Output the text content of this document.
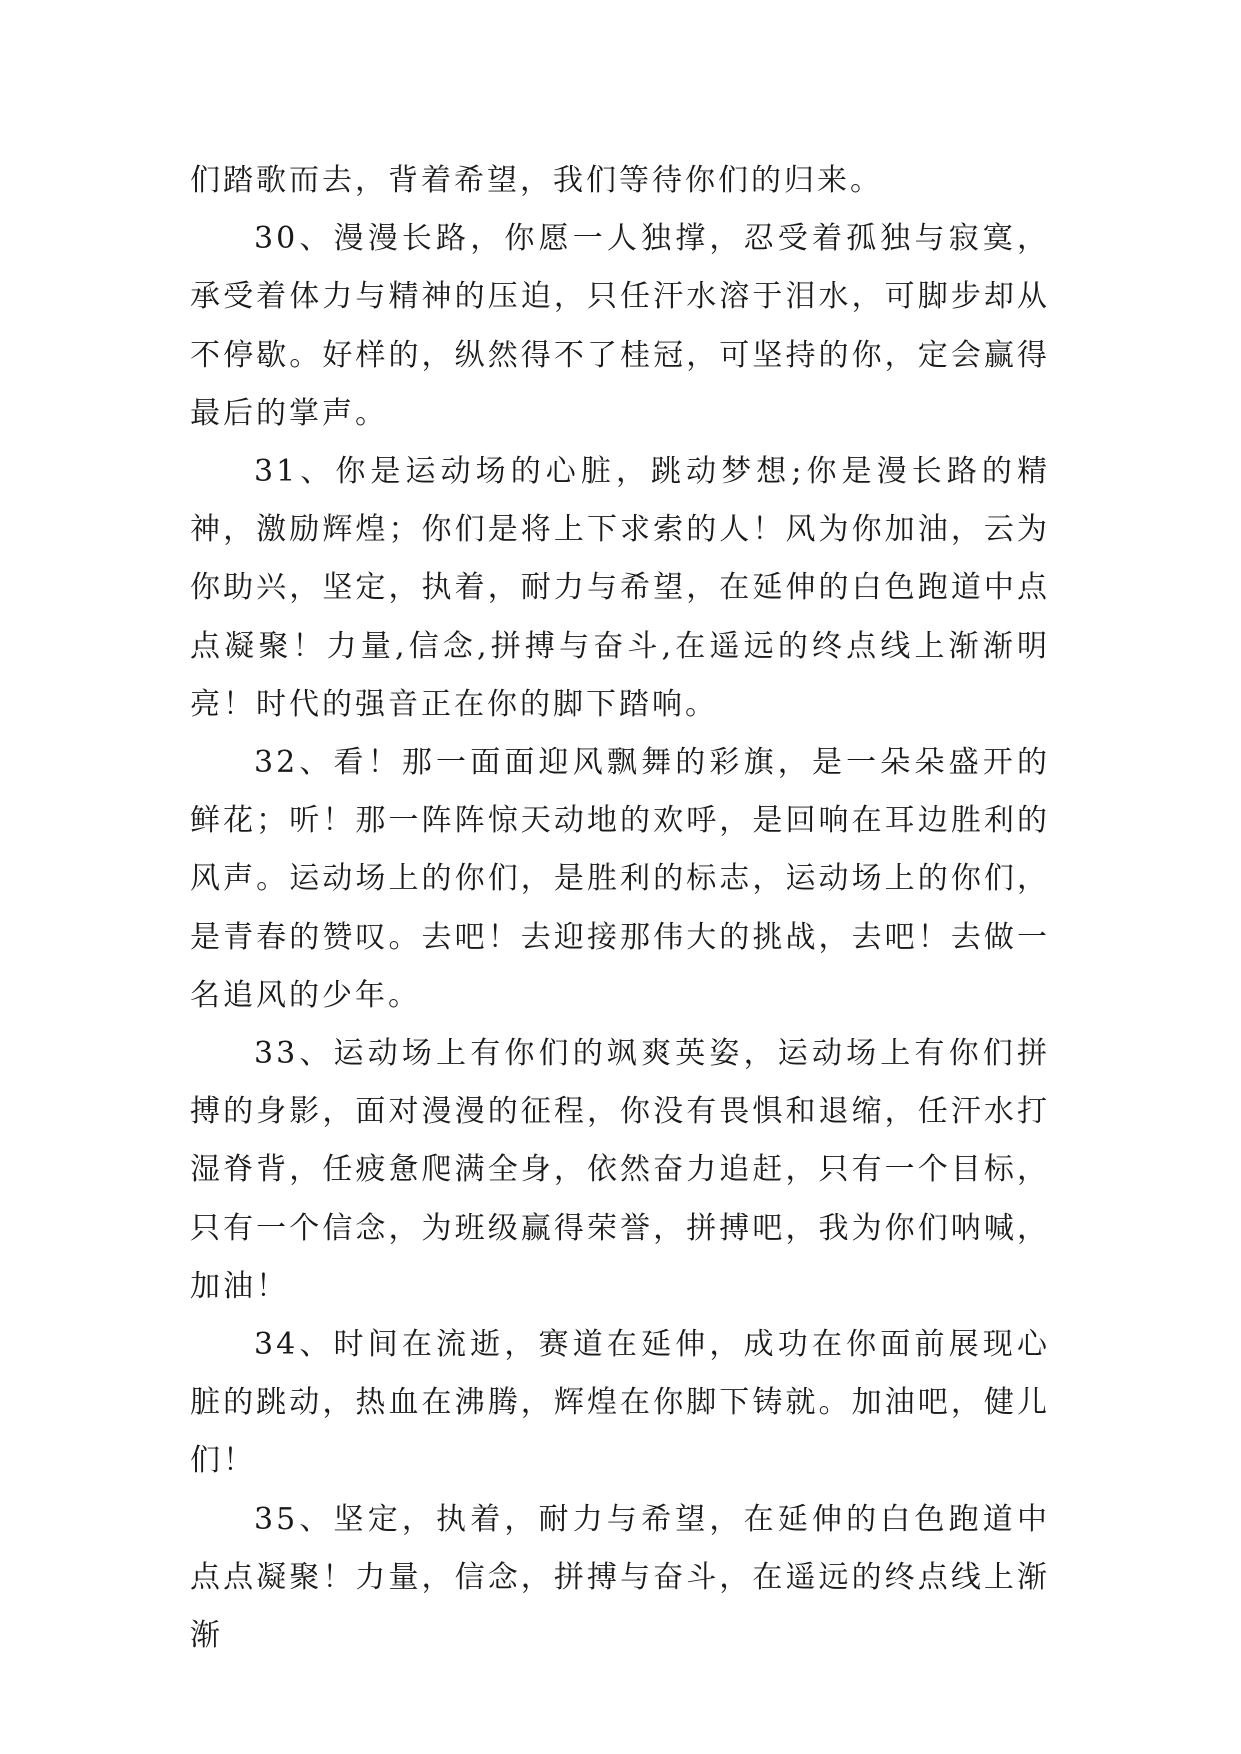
们踏歌而去，背着希望，我们等待你们的归来。

30、漫漫长路，你愿一人独撑，忍受着孤独与寂寞，承受着体力与精神的压迫，只任汗水溶于泪水，可脚步却从不停歇。好样的，纵然得不了桂冠，可坚持的你，定会赢得最后的掌声。

31、你是运动场的心脏，跳动梦想;你是漫长路的精神，激励辉煌；你们是将上下求索的人！风为你加油，云为你助兴，坚定，执着，耐力与希望，在延伸的白色跑道中点点凝聚！力量,信念,拼搏与奋斗,在遥远的终点线上渐渐明亮！时代的强音正在你的脚下踏响。

32、看！那一面面迎风飘舞的彩旗，是一朵朵盛开的鲜花；听！那一阵阵惊天动地的欢呼，是回响在耳边胜利的风声。运动场上的你们，是胜利的标志，运动场上的你们，是青春的赞叹。去吧！去迎接那伟大的挑战，去吧！去做一名追风的少年。

33、运动场上有你们的飒爽英姿，运动场上有你们拼搏的身影，面对漫漫的征程，你没有畏惧和退缩，任汗水打湿脊背，任疲惫爬满全身，依然奋力追赶，只有一个目标，只有一个信念，为班级赢得荣誉，拼搏吧，我为你们呐喊，加油！

34、时间在流逝，赛道在延伸，成功在你面前展现心脏的跳动，热血在沸腾，辉煌在你脚下铸就。加油吧，健儿们！

35、坚定，执着，耐力与希望，在延伸的白色跑道中点点凝聚！力量，信念，拼搏与奋斗，在遥远的终点线上渐渐
